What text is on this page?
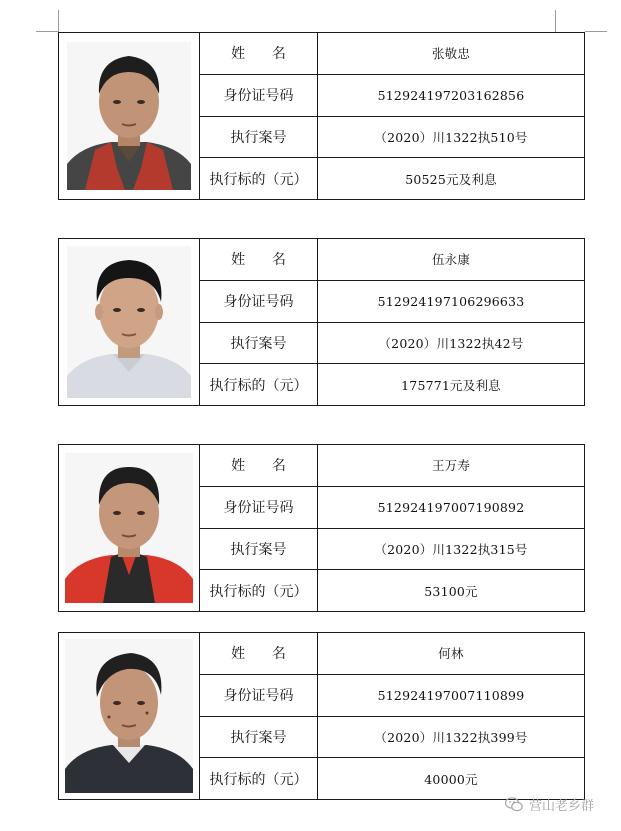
姓      名	张敬忠
身份证号码	512924197203162856
执行案号	（2020）川1322执510号
执行标的（元）	50525元及利息
姓      名	伍永康
身份证号码	512924197106296633
执行案号	（2020）川1322执42号
执行标的（元）	175771元及利息
姓      名	王万寿
身份证号码	512924197007190892
执行案号	（2020）川1322执315号
执行标的（元）	53100元
姓      名	何林
身份证号码	512924197007110899
执行案号	（2020）川1322执399号
执行标的（元）	40000元
营山老乡群
